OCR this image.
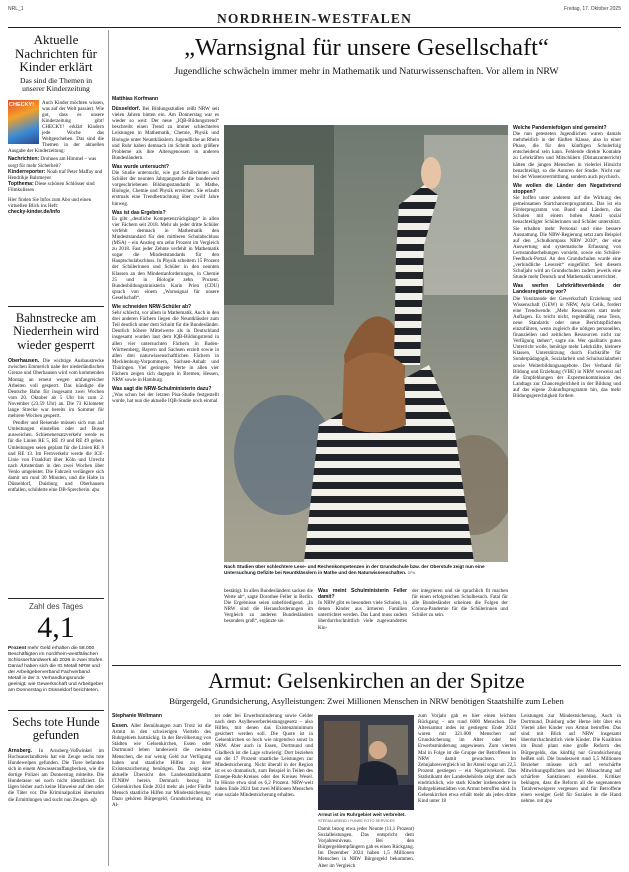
NRL_1
NORDRHEIN-WESTFALEN
Freitag, 17. Oktober 2025
Aktuelle Nachrichten für Kinder erklärt
Das sind die Themen in unserer Kinderzeitung
CHECKY!	Auch Kinder möchten wissen, was auf der Welt passiert. Wie gut, dass es unsere Kinderzeitung gibt! CHECKY! erklärt Kindern jede Woche das Weltgeschehen. Das sind die Themen in der aktuellen Ausgabe der Kinderzeitung:
Nachrichten: Drohnen am Himmel – was sorgt für mehr Sicherheit?
Kinderreporter: Noah traf Peter Maffay und Hendrikje Balsmeyer
Topthema: Diese schönen Schlösser sind Filmkulissen
Hier finden Sie Infos zum Abo und einen virtuellen Blick ins Heft:
checky-kinder.de/info
Bahnstrecke am Niederrhein wird wieder gesperrt

Oberhausen. Die wichtige Ausbaustrecke zwischen Emmerich nahe der niederländischen Grenze und Oberhausen wird vom kommenden Montag an erneut wegen umfangreicher Arbeiten voll gesperrt. Das kündigte die Deutsche Bahn für insgesamt zwei Wochen vom 20. Oktober ab 5 Uhr bis zum 2. November (23.59 Uhr) an. Die 73 Kilometer lange Strecke war bereits im Sommer für mehrere Wochen gesperrt.

Pendler und Reisende müssen sich nun auf Umleitungen einstellen oder auf Busse ausweichen. Schienenersatzverkehr werde es für die Linien RE 5, RE 19 und RE 49 geben. Umleitungen seien geplant für die Linien RE 8 und RE 13. Im Fernverkehr werde die ICE-Linie von Frankfurt über Köln und Utrecht nach Amsterdam in den zwei Wochen über Venlo umgeleitet. Die Fahrzeit verlängere sich damit um rund 30 Minuten, und die Halte in Düsseldorf, Duisburg und Oberhausen entfallen, schilderte eine DB-Sprecherin. dpa

Zahl des Tages
4,1
Prozent mehr Geld erhalten die 58.000 Beschäftigten im nordrhein-westfälischen Schlosserhandwerk ab 2026 in zwei Stufen. Darauf haben sich die IG Metall NRW und der Arbeitgeberverband Fachverband Metall in der 3. Verhandlungsrunde geeinigt, wie Gewerkschaft und Arbeitgeber am Donnerstag in Düsseldorf berichteten.
Sechs tote Hunde gefunden

Arnsberg. In Arnsberg-Voßwinkel im Hochsauerlandkreis hat ein Zeuge sechs tote Hundewelpen gefunden. Die Tiere befanden sich in einem Abwasserauffangbecken, wie die dortige Polizei am Donnerstag mitteilte. Die Hunderasse sei noch nicht identifiziert. Es lägen bisher auch keine Hinweise auf den oder die Täter vor. Die Kriminalpolizei übernahm die Ermittlungen und sucht nun Zeugen. afp

„Warnsignal für unsere Gesellschaft“
Jugendliche schwächeln immer mehr in Mathematik und Naturwissenschaften. Vor allem in NRW
Matthias Korfmann

Düsseldorf. Bei Bildungsstudien reißt NRW seit vielen Jahren hinten ein. Am Donnerstag war es wieder so weit: Der neue „IQB-Bildungstrend“ beschreibt einen Trend zu immer schlechteren Leistungen in Mathematik, Chemie, Physik und Biologie unter Neuntklässlern. Jugendliche an Rhein und Ruhr haben demnach im Schnitt noch größere Probleme als ihre Altersgenossen in anderen Bundesländern.

Was wurde untersucht?

Die Studie untersucht, wie gut Schülerinnen und Schüler der neunten Jahrgangsstufe die bundesweit vorgeschriebenen Bildungsstandards in Mathe, Biologie, Chemie und Physik erreichen. Sie erlaubt erstmals eine Trendbetrachtung über zwölf Jahre hinweg.

Was ist das Ergebnis?

Es gibt „deutliche Kompetenzrückgänge“ in allen vier Fächern seit 2018. Mehr als jeder dritte Schüler verfehlt demnach in Mathematik den Mindeststandard für den mittleren Schulabschluss (MSA) – ein Anstieg um zehn Prozent im Vergleich zu 2018. Fast jeder Zehnte verfehlt in Mathematik sogar die Mindeststandards für den Hauptschulabschluss. In Physik scheitern 15 Prozent der Schülerinnen und Schüler in den neunten Klassen an den Mindestanforderungen, in Chemie 25 und in Biologie zehn Prozent. Bundesbildungsministerin Karin Prien (CDU) sprach von einem „Warnsignal für unsere Gesellschaft“.

Wie schneiden NRW-Schüler ab?

Sehr schlecht, vor allem in Mathematik. Auch in den drei anderen Fächern liegen die Neuntklässler zum Teil deutlich unter dem Schnitt für die Bundesländer. Deutlich höhere Mittelwerte als in Deutschland insgesamt wurden laut dem IQB-Bildungstrend in allen vier untersuchten Fächern in Baden-Württemberg, Bayern und Sachsen erzielt sowie in allen drei naturwissenschaftlichen Fächern in Mecklenburg-Vorpommern, Sachsen-Anhalt und Thüringen. Viel geringere Werte in allen vier Fächern zeigen sich dagegen in Bremen, Hessen, NRW sowie in Hamburg.

Was sagt die NRW-Schulministerin dazu?

„Was schon bei der letzten Pisa-Studie festgestellt wurde, hat nun die aktuelle IQB-Studie noch einmal

Nach Studien über schlechtere Lese- und Rechenkompetenzen in der Grundschule bzw. der Oberstufe zeigt nun eine Untersuchung Defizite bei Neuntklässlern in Mathe und den Naturwissenschaften. DPA

bestätigt. In allen Bundesländern sacken die Werte ab“, sagte Dorothee Feller in Berlin. Die Ergebnisse seien unbefriedigend. „In NRW sind die Herausforderungen im Vergleich zu anderen Bundesländern besonders groß“, ergänzte sie.

Was meint Schulministerin Feller damit?

In NRW gibt es besonders viele Schulen, in denen Kinder aus ärmeren Familien unterrichtet werden. Das Land muss zudem überdurchschnittlich viele zugewandertes Kin-

der integrieren und sie sprachlich fit machen für einen erfolgreichen Schulbesuch. Fatal für alle Bundesländer scheinen die Folgen der Corona-Pandemie für die Schülerinnen und Schüler zu sein.

Welche Pandemiefolgen sind gemeint?

Die nun getesteten Jugendlichen waren damals mehrheitlich in der fünften Klasse, also in einer Phase, die für den künftigen Schulerfolg entscheidend sein kann. Fehlende direkte Kontakte zu Lehrkräften und Mitschülern (Distanzunterricht) hätten die jungen Menschen in vielerlei Hinsicht benachteiligt, so die Autoren der Studie. Nicht nur bei der Wissensvermittlung, sondern auch psychisch.

Wie wollen die Länder den Negativtrend stoppen?

Sie hoffen unter anderem auf die Wirkung des gemeinsamen Startchancenprogramms. Das ist ein Förderprogramm von Bund und Ländern, das Schulen mit einem hohen Anteil sozial benachteiligter Schülerinnen und Schüler unterstützt. Sie erhalten mehr Personal und eine bessere Ausstattung. Die NRW-Regierung setzt zum Beispiel auf den „Schulkompass NRW 2030“, der eine Auswertung und systematische Erfassung von Lernstandserhebungen vorsieht, sowie ein Schüler-Feedback-Portal. An den Grundschulen wurde eine „verbindliche Lesezeit“ eingeführt. Seit diesem Schuljahr wird an Grundschulen zudem jeweils eine Stunde mehr Deutsch und Mathematik unterrichtet.

Was werfen Lehrkräfteverbände der Landesregierung vor?

Die Vorsitzende der Gewerkschaft Erziehung und Wissenschaft (GEW) in NRW, Ayla Celik, fordert eine Trendwende. „Mehr Ressourcen statt mehr Auflagen. Es reicht nicht, regelmäßig neue Tests, neue Standards oder neue Berichtspflichten einzuführen, wenn zugleich die nötigen personellen, finanziellen und zeitlichen Ressourcen nicht zur Verfügung stehen“, sagte sie. Wer qualitativ guten Unterricht wolle, benötige mehr Lehrkräfte, kleinere Klassen, Unterstützung durch Fachkräfte für Sonderpädagogik, Sozialarbeit und Schulsozialarbeit sowie Weiterbildungsangebote. Der Verband für Bildung und Erziehung (VBE) in NRW verweist auf die Empfehlungen der Expertenkommission des Landtags zur Chancengleichheit in der Bildung und auf das eigene Zukunftsprogramm hin, das mehr Bildungsgerechtigkeit fordere.

Armut: Gelsenkirchen an der Spitze
Bürgergeld, Grundsicherung, Asylleistungen: Zwei Millionen Menschen in NRW benötigen Staatshilfe zum Leben
Stephanie Weltmann

Essen. Aller Bemühungen zum Trotz ist die Armut in den schwierigen Vierteln des Ruhrgebiets hartnäckig. In der Bevölkerung von Städten wie Gelsenkirchen, Essen oder Dortmund leben landesweit die meisten Menschen, die nur wenig Geld zur Verfügung haben und staatliche Hilfen zu ihrer Existenzsicherung benötigen. Das zeigt eine aktuelle Übersicht des Landesstatistikamts IT.NRW herein. Demnach bezog in Gelsenkirchen Ende 2024 mehr als jeder Fünfte Mensch staatliche Hilfen zur Mindestsicherung. Dazu gehören Bürgergeld, Grundsicherung im Al-

ter oder bei Erwerbsminderung sowie Gelder nach dem Asylbewerberleistungsgesetz – also Hilfen, mit denen das Existenzminimum gesichert werden soll. Die Quote ist in Gelsenkirchen so hoch wie nirgendwo sonst in NRW. Aber auch in Essen, Dortmund und Gladbeck ist die Lage schwierig: Dort beziehen um die 17 Prozent staatliche Leistungen zur Mindestsicherung. Nicht überall in der Region ist es so dramatisch, zum Beispiel in Teilen des Ennepe-Ruhr-Kreises oder des Kreises Wesel. In Hünxe etwa sind es 6,2 Prozent. NRW-weit haben Ende 2024 fast zwei Millionen Menschen eine soziale Mindestsicherung erhalten.

Armut ist im Ruhrgebiet weit verbreitet. STEFAN AREND / FUNKE FOTO SERVICES

Damit bezog etwa jeder Neunte (11,1 Prozent) Sozialleistungen. Das entspricht dem Vorjahresniveau. Bei den Bürgergeldempfängern gab es einen Rückgang. Im Dezember 2024 haben 1,5 Millionen Menschen in NRW Bürgergeld bekommen. Aber im Vergleich

zum Vorjahr gab es hier einen leichten Rückgang – um rund 6000 Menschen. Die Altersarmut indes ist gestiegen: Ende 2024 waren mit 321.000 Menschen auf Grundsicherung im Alter oder bei Erwerbsminderung angewiesen. Zum vierten Mal in Folge ist die Gruppe der Betroffenen in NRW damit gewachsen. Im Zehnjahresvergleich ist ihr Anteil sogar um 22,5 Prozent gestiegen – ein Negativrekord. Das Statistikamt der Landesbehörde zeigt aber auch eindrücklich, wie stark Kinder insbesondere in Ruhrgebietsstädten von Armut betroffen sind. In Gelsenkirchen etwa erhält mehr als jedes dritte Kind unter 18

Leistungen zur Mindestsicherung. Auch in Dortmund, Duisburg oder Herne lebt über ein Viertel aller Kinder von Armut betroffen. Das sind mit Blick auf NRW insgesamt überdurchschnittlich viele Kinder. Die Koalition im Bund plant eine große Reform des Bürgergelds, das künftig nur Grundsicherung heißen soll. Die bundesweit rund 5,5 Millionen Bezieher müssen sich auf verschärfte Mitwirkungspflichten und bei Missachtung auf schärfere Sanktionen einstellen. Kritiker beklagen, dass die Reform all die sogenannten Totalverweigerer vergessen und für Betroffene einen weniger Geld für Soziales in die Hand nehme. mit dpa
